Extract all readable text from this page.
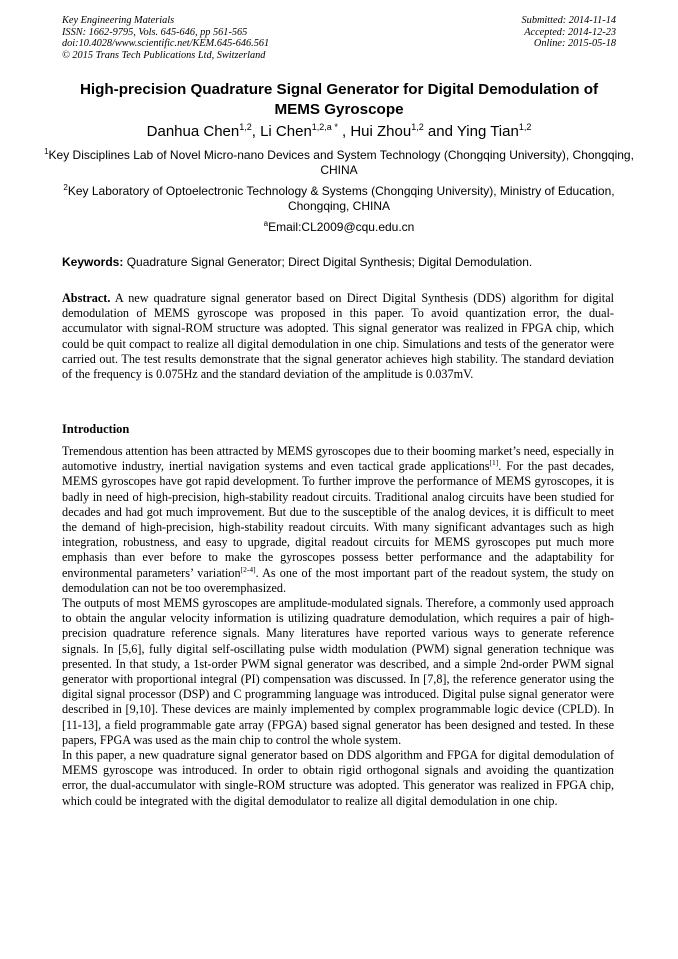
Key Engineering Materials
ISSN: 1662-9795, Vols. 645-646, pp 561-565
doi:10.4028/www.scientific.net/KEM.645-646.561
© 2015 Trans Tech Publications Ltd, Switzerland
Submitted: 2014-11-14
Accepted: 2014-12-23
Online: 2015-05-18
High-precision Quadrature Signal Generator for Digital Demodulation of
MEMS Gyroscope
Danhua Chen$^{1,2}$, Li Chen$^{1,2,a *}$ , Hui Zhou$^{1,2}$ and Ying Tian$^{1,2}$
$^1$Key Disciplines Lab of Novel Micro-nano Devices and System Technology (Chongqing University), Chongqing, CHINA
$^2$Key Laboratory of Optoelectronic Technology & Systems (Chongqing University), Ministry of Education, Chongqing, CHINA
$^a$Email:CL2009@cqu.edu.cn
Keywords: Quadrature Signal Generator; Direct Digital Synthesis; Digital Demodulation.
Abstract. A new quadrature signal generator based on Direct Digital Synthesis (DDS) algorithm for digital demodulation of MEMS gyroscope was proposed in this paper. To avoid quantization error, the dual-accumulator with signal-ROM structure was adopted. This signal generator was realized in FPGA chip, which could be quit compact to realize all digital demodulation in one chip. Simulations and tests of the generator were carried out. The test results demonstrate that the signal generator achieves high stability. The standard deviation of the frequency is 0.075Hz and the standard deviation of the amplitude is 0.037mV.
Introduction

Tremendous attention has been attracted by MEMS gyroscopes due to their booming market’s need, especially in automotive industry, inertial navigation systems and even tactical grade applications[1]. For the past decades, MEMS gyroscopes have got rapid development. To further improve the performance of MEMS gyroscopes, it is badly in need of high-precision, high-stability readout circuits. Traditional analog circuits have been studied for decades and had got much improvement. But due to the susceptible of the analog devices, it is difficult to meet the demand of high-precision, high-stability readout circuits. With many significant advantages such as high integration, robustness, and easy to upgrade, digital readout circuits for MEMS gyroscopes put much more emphasis than ever before to make the gyroscopes possess better performance and the adaptability for environmental parameters’ variation[2-4]. As one of the most important part of the readout system, the study on demodulation can not be too overemphasized.

The outputs of most MEMS gyroscopes are amplitude-modulated signals. Therefore, a commonly used approach to obtain the angular velocity information is utilizing quadrature demodulation, which requires a pair of high-precision quadrature reference signals. Many literatures have reported various ways to generate reference signals. In [5,6], fully digital self-oscillating pulse width modulation (PWM) signal generation technique was presented. In that study, a 1st-order PWM signal generator was described, and a simple 2nd-order PWM signal generator with proportional integral (PI) compensation was discussed. In [7,8], the reference generator using the digital signal processor (DSP) and C programming language was introduced. Digital pulse signal generator were described in [9,10]. These devices are mainly implemented by complex programmable logic device (CPLD). In [11-13], a field programmable gate array (FPGA) based signal generator has been designed and tested. In these papers, FPGA was used as the main chip to control the whole system.

In this paper, a new quadrature signal generator based on DDS algorithm and FPGA for digital demodulation of MEMS gyroscope was introduced. In order to obtain rigid orthogonal signals and avoiding the quantization error, the dual-accumulator with single-ROM structure was adopted. This generator was realized in FPGA chip, which could be integrated with the digital demodulator to realize all digital demodulation in one chip.
